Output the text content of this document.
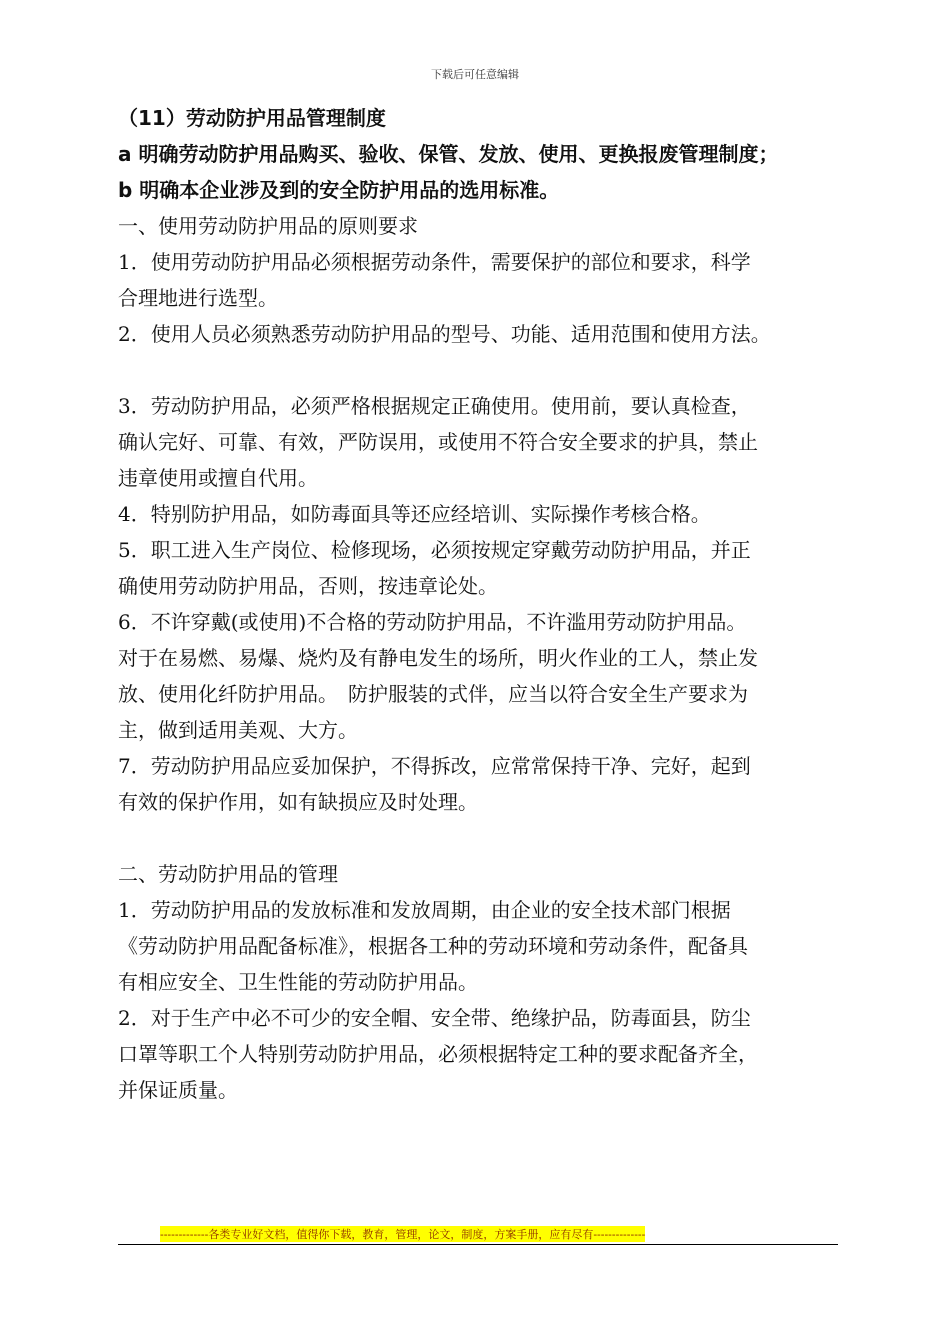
下载后可任意编辑
（11）劳动防护用品管理制度
a 明确劳动防护用品购买、验收、保管、发放、使用、更换报废管理制度；
b 明确本企业涉及到的安全防护用品的选用标准。
一、使用劳动防护用品的原则要求
1．使用劳动防护用品必须根据劳动条件，需要保护的部位和要求，科学
合理地进行选型。
2．使用人员必须熟悉劳动防护用品的型号、功能、适用范围和使用方法。
3．劳动防护用品，必须严格根据规定正确使用。使用前，要认真检查，
确认完好、可靠、有效，严防误用，或使用不符合安全要求的护具，禁止
违章使用或擅自代用。
4．特别防护用品，如防毒面具等还应经培训、实际操作考核合格。
5．职工进入生产岗位、检修现场，必须按规定穿戴劳动防护用品，并正
确使用劳动防护用品，否则，按违章论处。
6．不许穿戴(或使用)不合格的劳动防护用品，不许滥用劳动防护用品。
对于在易燃、易爆、烧灼及有静电发生的场所，明火作业的工人，禁止发
放、使用化纤防护用品。　防护服装的式伴，应当以符合安全生产要求为
主，做到适用美观、大方。
7．劳动防护用品应妥加保护，不得拆改，应常常保持干净、完好，起到
有效的保护作用，如有缺损应及时处理。
二、劳动防护用品的管理
1．劳动防护用品的发放标准和发放周期，由企业的安全技术部门根据
《劳动防护用品配备标准》，根据各工种的劳动环境和劳动条件，配备具
有相应安全、卫生性能的劳动防护用品。
2．对于生产中必不可少的安全帽、安全带、绝缘护品，防毒面县，防尘
口罩等职工个人特别劳动防护用品，必须根据特定工种的要求配备齐全，
并保证质量。
-------------各类专业好文档，值得你下载，教育，管理，论文，制度，方案手册，应有尽有--------------
